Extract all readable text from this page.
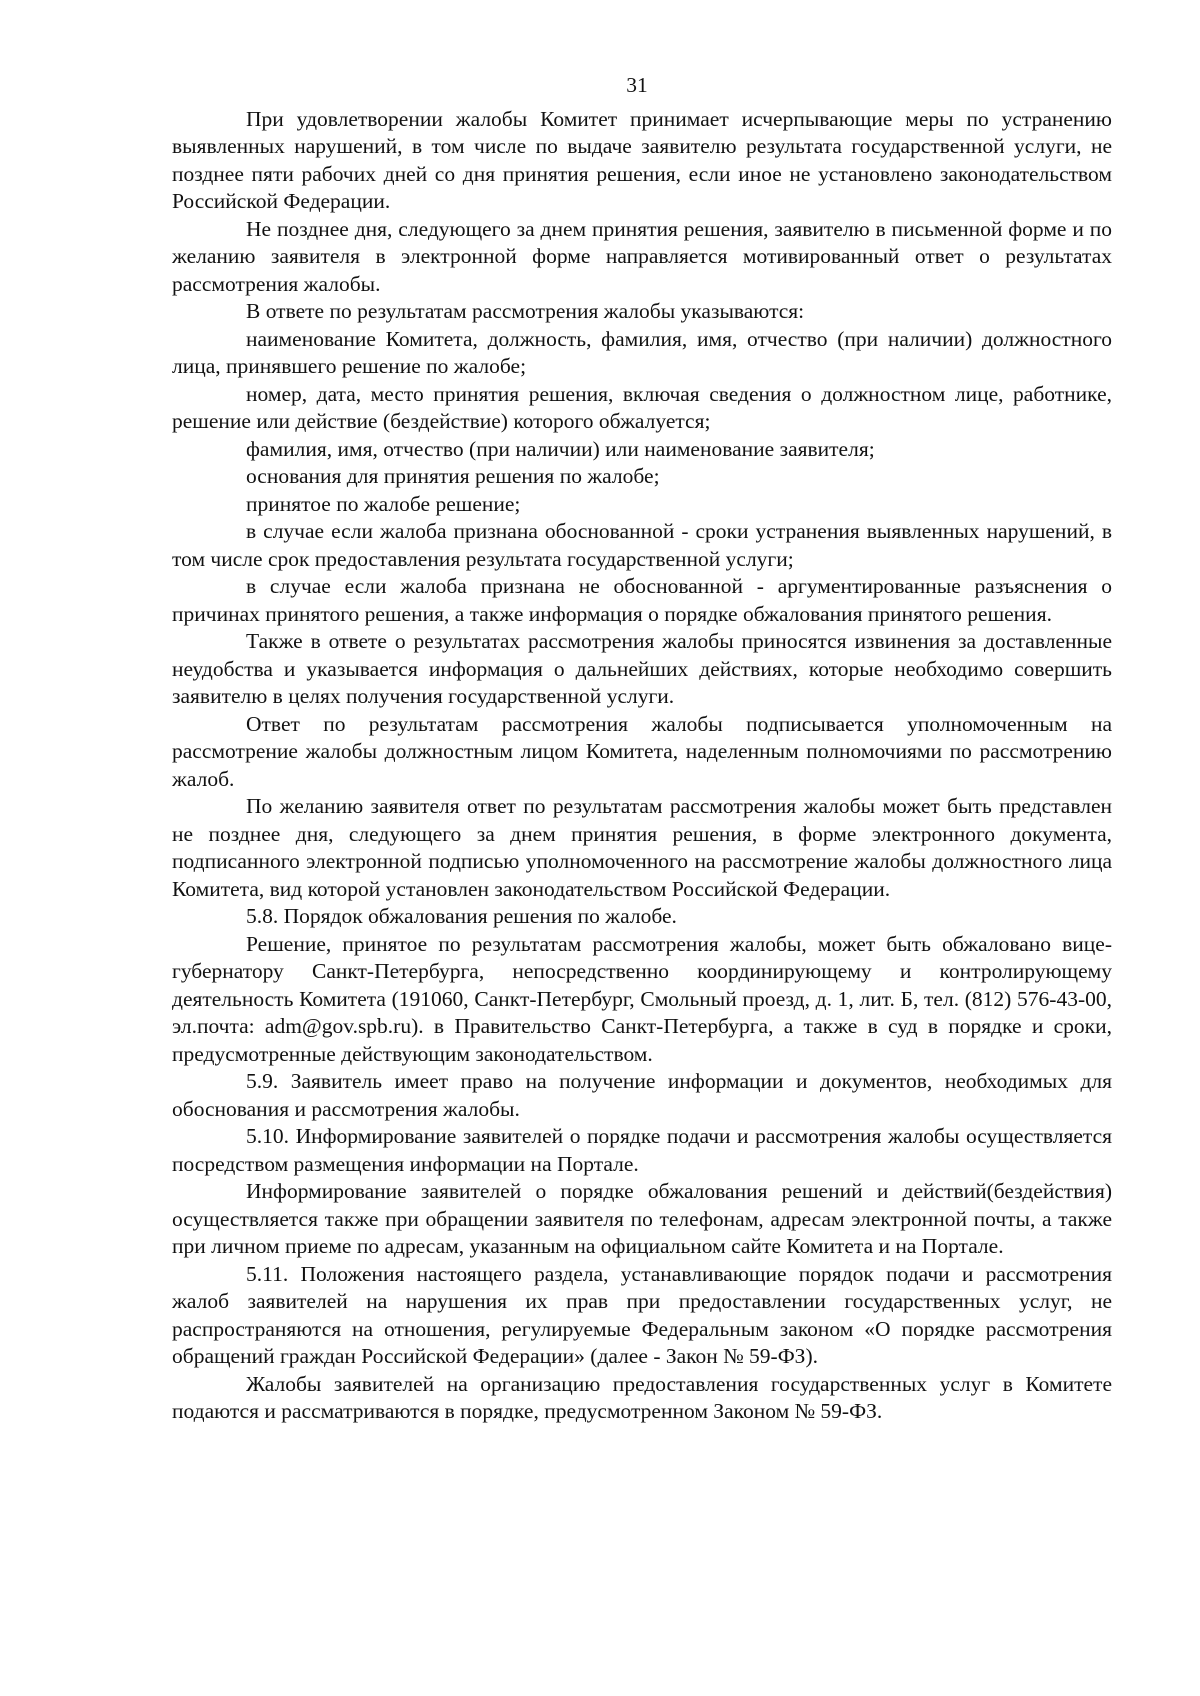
31

При удовлетворении жалобы Комитет принимает исчерпывающие меры по устранению выявленных нарушений, в том числе по выдаче заявителю результата государственной услуги, не позднее пяти рабочих дней со дня принятия решения, если иное не установлено законодательством Российской Федерации.

Не позднее дня, следующего за днем принятия решения, заявителю в письменной форме и по желанию заявителя в электронной форме направляется мотивированный ответ о результатах рассмотрения жалобы.

В ответе по результатам рассмотрения жалобы указываются:

наименование Комитета, должность, фамилия, имя, отчество (при наличии) должностного лица, принявшего решение по жалобе;

номер, дата, место принятия решения, включая сведения о должностном лице, работнике, решение или действие (бездействие) которого обжалуется;

фамилия, имя, отчество (при наличии) или наименование заявителя;

основания для принятия решения по жалобе;

принятое по жалобе решение;

в случае если жалоба признана обоснованной - сроки устранения выявленных нарушений, в том числе срок предоставления результата государственной услуги;

в случае если жалоба признана не обоснованной - аргументированные разъяснения о причинах принятого решения, а также информация о порядке обжалования принятого решения.

Также в ответе о результатах рассмотрения жалобы приносятся извинения за доставленные неудобства и указывается информация о дальнейших действиях, которые необходимо совершить заявителю в целях получения государственной услуги.

Ответ по результатам рассмотрения жалобы подписывается уполномоченным на рассмотрение жалобы должностным лицом Комитета, наделенным полномочиями по рассмотрению жалоб.

По желанию заявителя ответ по результатам рассмотрения жалобы может быть представлен не позднее дня, следующего за днем принятия решения, в форме электронного документа, подписанного электронной подписью уполномоченного на рассмотрение жалобы должностного лица Комитета, вид которой установлен законодательством Российской Федерации.

5.8. Порядок обжалования решения по жалобе.

Решение, принятое по результатам рассмотрения жалобы, может быть обжаловано вице-губернатору Санкт-Петербурга, непосредственно координирующему и контролирующему деятельность Комитета (191060, Санкт-Петербург, Смольный проезд, д. 1, лит. Б, тел. (812) 576-43-00, эл.почта: adm@gov.spb.ru). в Правительство Санкт-Петербурга, а также в суд в порядке и сроки, предусмотренные действующим законодательством.

5.9. Заявитель имеет право на получение информации и документов, необходимых для обоснования и рассмотрения жалобы.

5.10. Информирование заявителей о порядке подачи и рассмотрения жалобы осуществляется посредством размещения информации на Портале.

Информирование заявителей о порядке обжалования решений и действий(бездействия) осуществляется также при обращении заявителя по телефонам, адресам электронной почты, а также при личном приеме по адресам, указанным на официальном сайте Комитета и на Портале.

5.11. Положения настоящего раздела, устанавливающие порядок подачи и рассмотрения жалоб заявителей на нарушения их прав при предоставлении государственных услуг, не распространяются на отношения, регулируемые Федеральным законом «О порядке рассмотрения обращений граждан Российской Федерации» (далее - Закон № 59-ФЗ).

Жалобы заявителей на организацию предоставления государственных услуг в Комитете подаются и рассматриваются в порядке, предусмотренном Законом № 59-ФЗ.
